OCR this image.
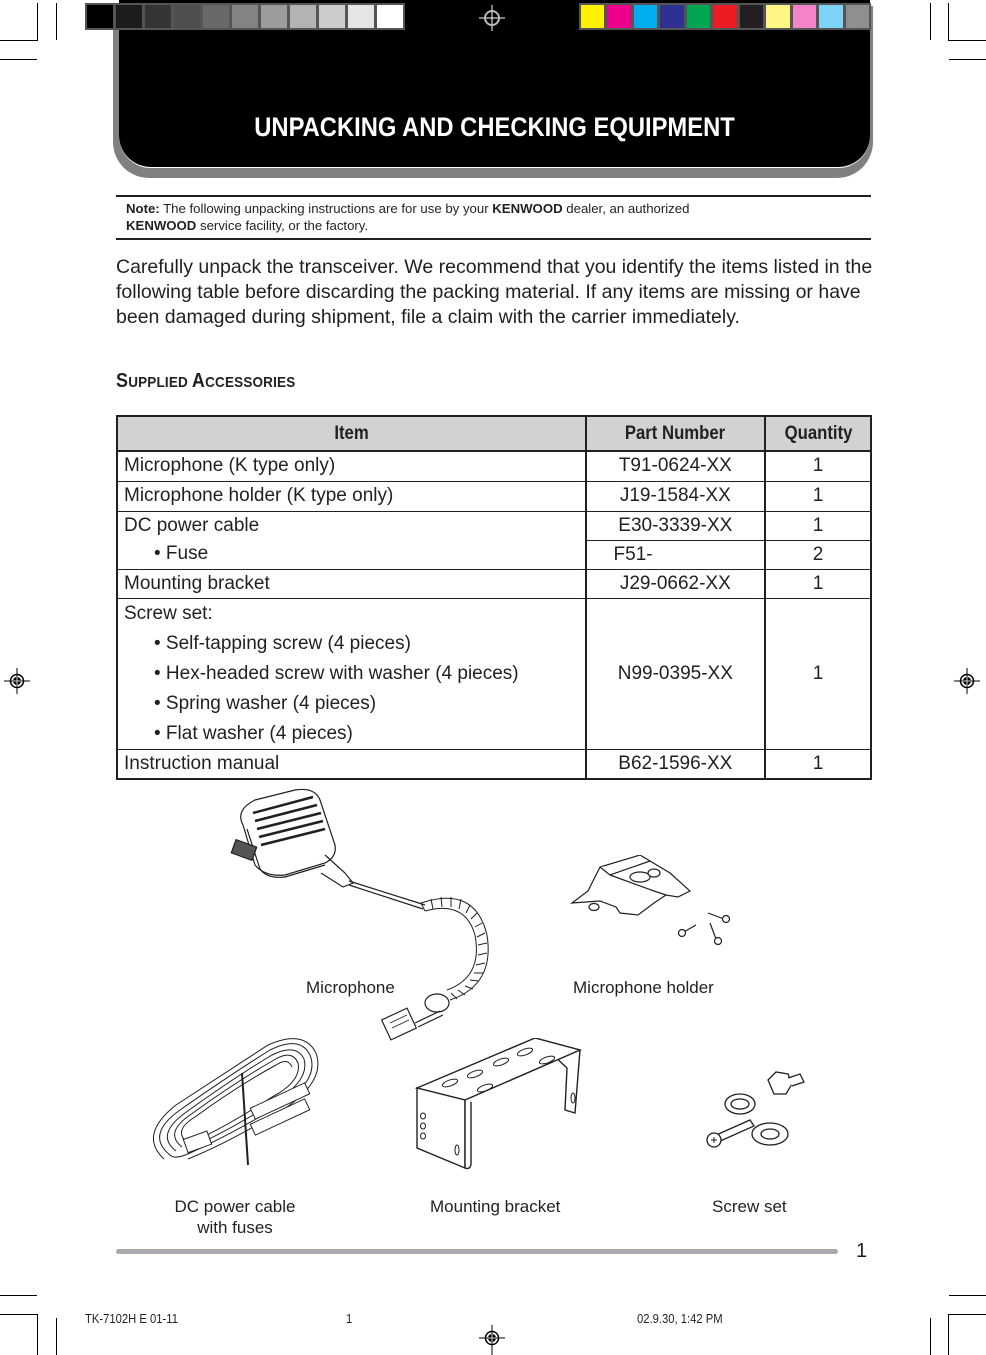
UNPACKING AND CHECKING EQUIPMENT
Note: The following unpacking instructions are for use by your KENWOOD dealer, an authorized
KENWOOD service facility, or the factory.

Carefully unpack the transceiver. We recommend that you identify the items listed in the following table before discarding the packing material. If any items are missing or have been damaged during shipment, file a claim with the carrier immediately.

SUPPLIED ACCESSORIES
Item	Part Number	Quantity
Microphone (K type only)	T91-0624-XX	1
Microphone holder (K type only)	J19-1584-XX	1
DC power cable	E30-3339-XX	1

• Fuse	F51-	2
Mounting bracket	J29-0662-XX	1

Screw set:
• Self-tapping screw (4 pieces)
• Hex-headed screw with washer (4 pieces)
• Spring washer (4 pieces)
• Flat washer (4 pieces)	N99-0395-XX	1
Instruction manual	B62-1596-XX	1
Microphone	Microphone holder
DC power cable
with fuses
Mounting bracket	Screw set
1
TK-7102H E 01-11	1	02.9.30, 1:42 PM
